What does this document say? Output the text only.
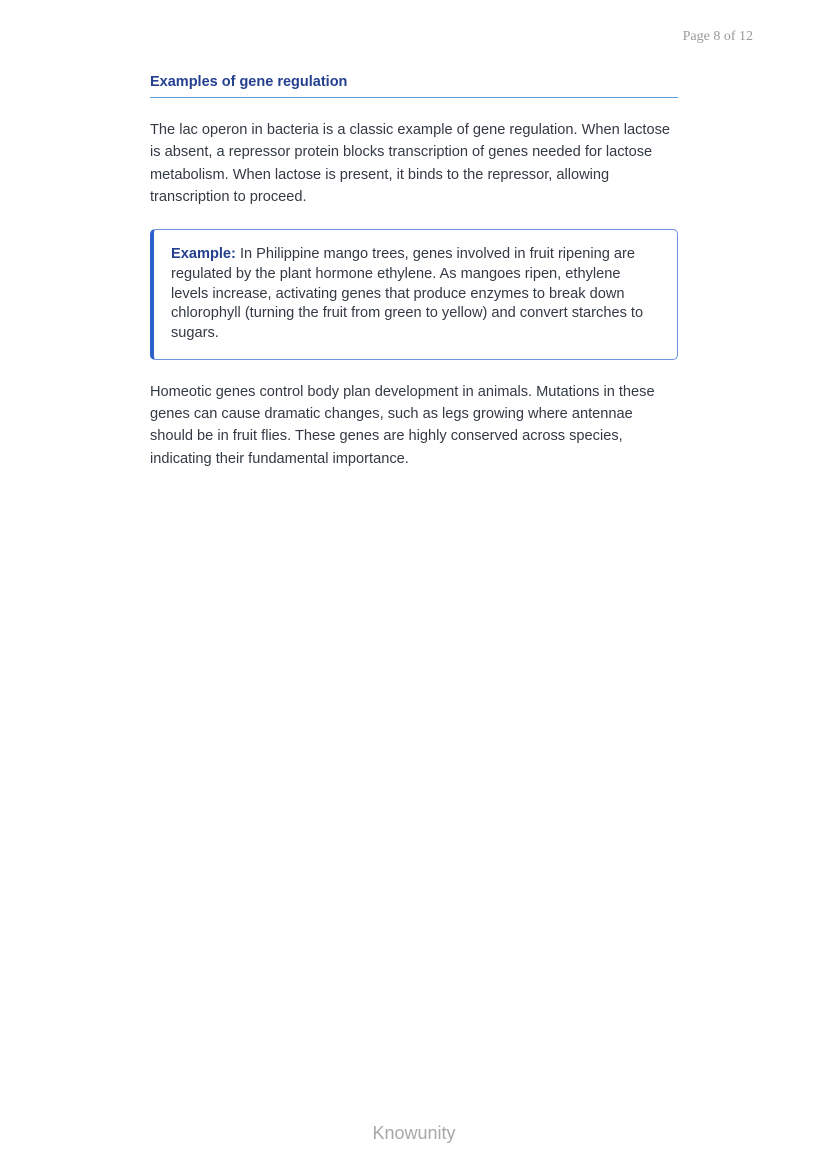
Page 8 of 12
Examples of gene regulation

The lac operon in bacteria is a classic example of gene regulation. When lactose is absent, a repressor protein blocks transcription of genes needed for lactose metabolism. When lactose is present, it binds to the repressor, allowing transcription to proceed.

Example: In Philippine mango trees, genes involved in fruit ripening are regulated by the plant hormone ethylene. As mangoes ripen, ethylene levels increase, activating genes that produce enzymes to break down chlorophyll (turning the fruit from green to yellow) and convert starches to sugars.

Homeotic genes control body plan development in animals. Mutations in these genes can cause dramatic changes, such as legs growing where antennae should be in fruit flies. These genes are highly conserved across species, indicating their fundamental importance.

Knowunity
